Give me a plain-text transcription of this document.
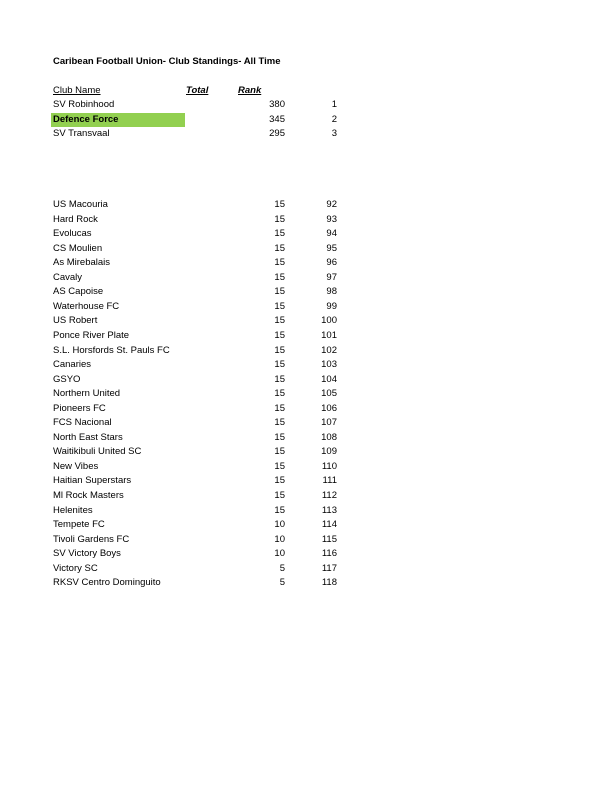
Caribean Football Union- Club Standings- All Time
Club Name	Total	Rank
SV Robinhood	380	1
Defence Force	345	2
SV Transvaal	295	3
US Macouria	15	92
Hard Rock	15	93
Evolucas	15	94
CS Moulien	15	95
As Mirebalais	15	96
Cavaly	15	97
AS Capoise	15	98
Waterhouse FC	15	99
US Robert	15	100
Ponce River Plate	15	101
S.L. Horsfords St. Pauls FC	15	102
Canaries	15	103
GSYO	15	104
Northern United	15	105
Pioneers FC	15	106
FCS Nacional	15	107
North East Stars	15	108
Waitikibuli United SC	15	109
New Vibes	15	110
Haitian Superstars	15	111
Ml Rock Masters	15	112
Helenites	15	113
Tempete FC	10	114
Tivoli Gardens FC	10	115
SV Victory Boys	10	116
Victory SC	5	117
RKSV Centro Dominguito	5	118
